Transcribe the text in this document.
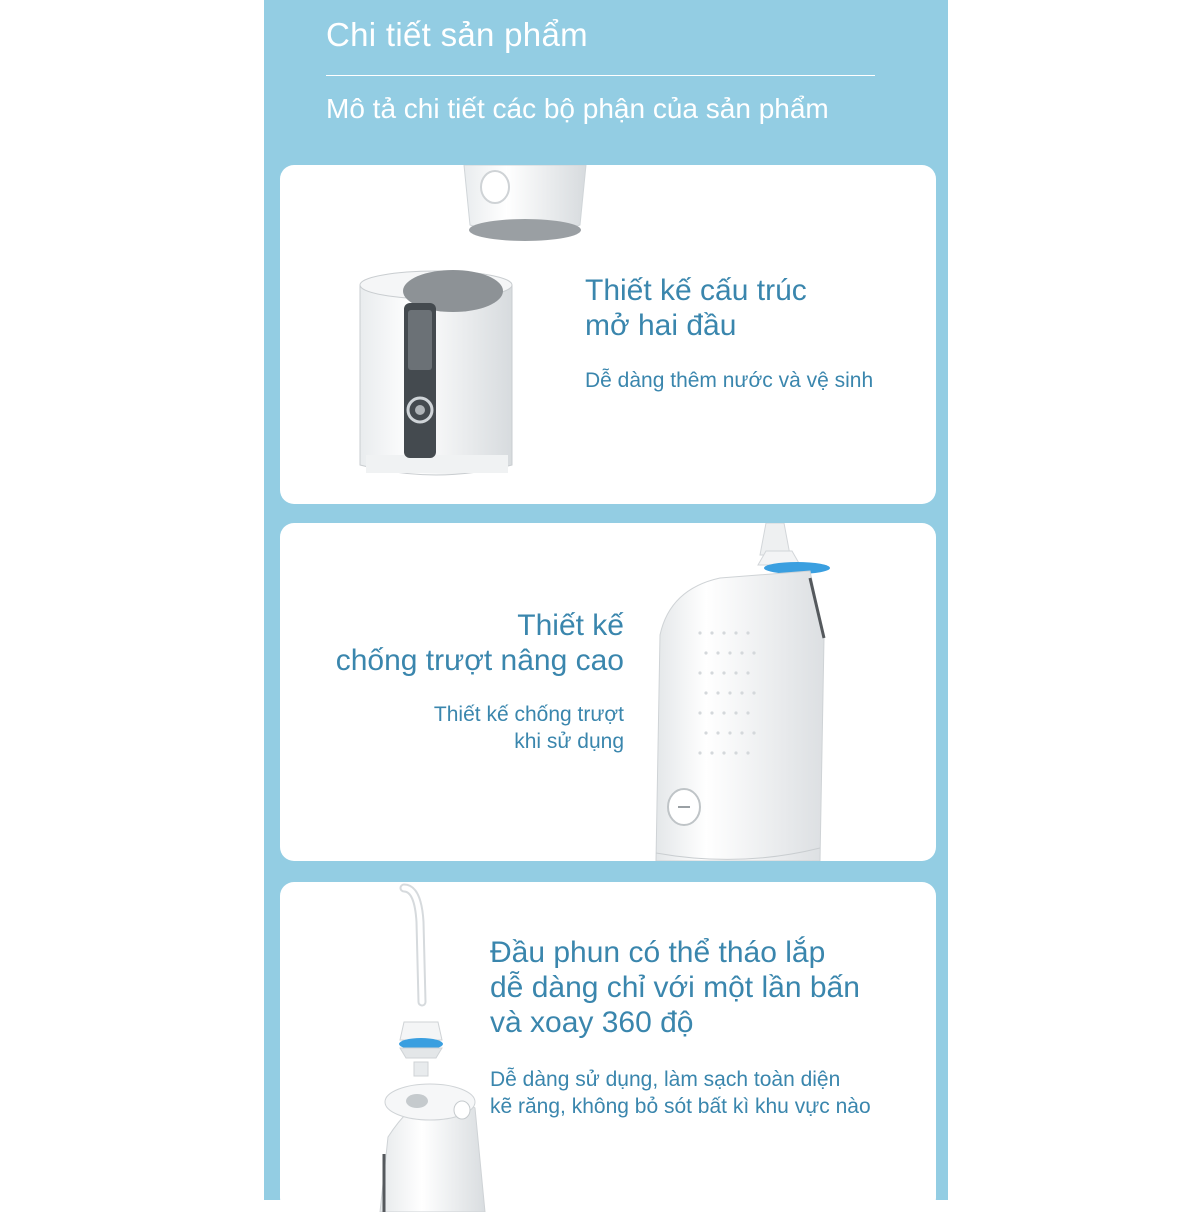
Chi tiết sản phẩm

Mô tả chi tiết các bộ phận của sản phẩm

Thiết kế cấu trúc
mở hai đầu

Dễ dàng thêm nước và vệ sinh

Thiết kế
chống trượt nâng cao

Thiết kế chống trượt
khi sử dụng

Đầu phun có thể tháo lắp
dễ dàng chỉ với một lần bấn
và xoay 360 độ

Dễ dàng sử dụng, làm sạch toàn diện
kẽ răng, không bỏ sót bất kì khu vực nào
